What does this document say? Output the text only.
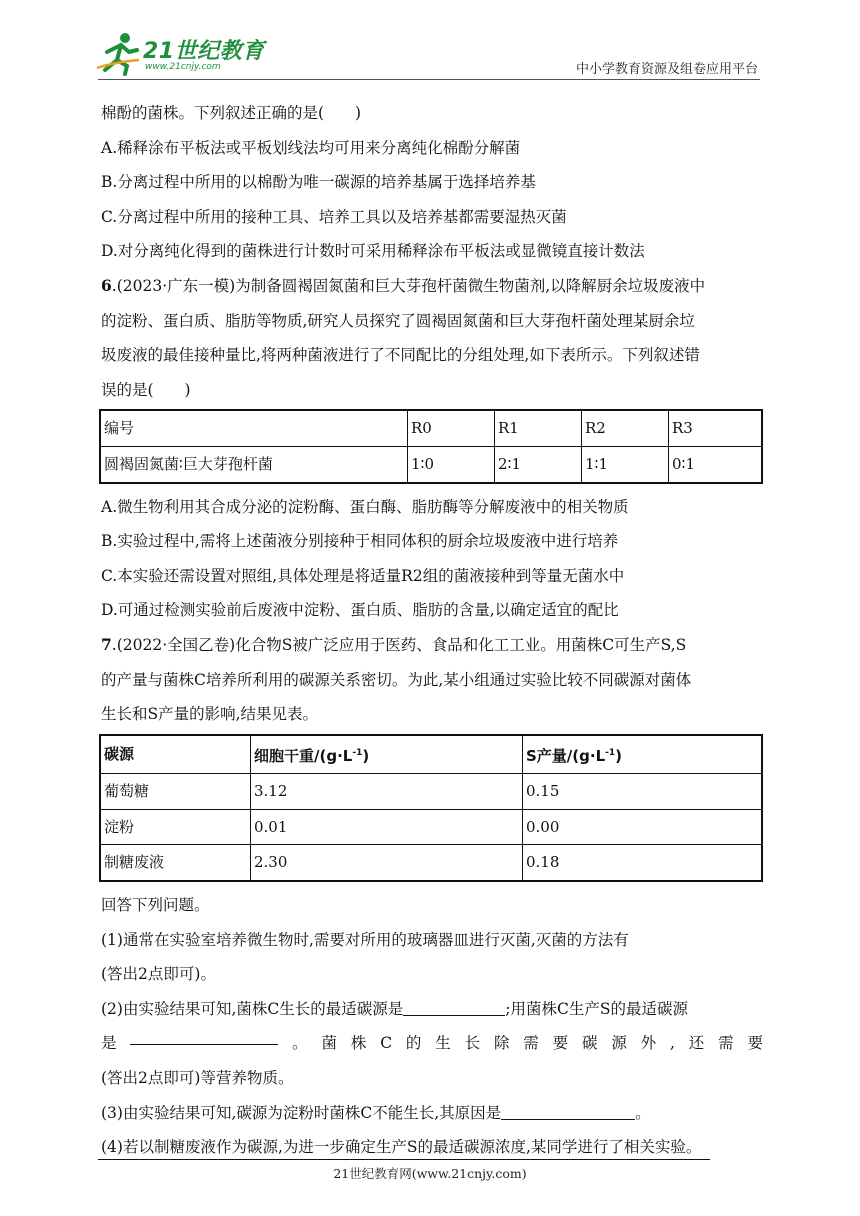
21世纪教育
www.21cnjy.com	中小学教育资源及组卷应用平台
棉酚的菌株。下列叙述正确的是(　　)
A.稀释涂布平板法或平板划线法均可用来分离纯化棉酚分解菌
B.分离过程中所用的以棉酚为唯一碳源的培养基属于选择培养基
C.分离过程中所用的接种工具、培养工具以及培养基都需要湿热灭菌
D.对分离纯化得到的菌株进行计数时可采用稀释涂布平板法或显微镜直接计数法
6.(2023·广东一模)为制备圆褐固氮菌和巨大芽孢杆菌微生物菌剂,以降解厨余垃圾废液中
的淀粉、蛋白质、脂肪等物质,研究人员探究了圆褐固氮菌和巨大芽孢杆菌处理某厨余垃
圾废液的最佳接种量比,将两种菌液进行了不同配比的分组处理,如下表所示。下列叙述错
误的是(　　)
编号	R0	R1	R2	R3
圆褐固氮菌∶巨大芽孢杆菌	1∶0	2∶1	1∶1	0∶1
A.微生物利用其合成分泌的淀粉酶、蛋白酶、脂肪酶等分解废液中的相关物质
B.实验过程中,需将上述菌液分别接种于相同体积的厨余垃圾废液中进行培养
C.本实验还需设置对照组,具体处理是将适量R2组的菌液接种到等量无菌水中
D.可通过检测实验前后废液中淀粉、蛋白质、脂肪的含量,以确定适宜的配比
7.(2022·全国乙卷)化合物S被广泛应用于医药、食品和化工工业。用菌株C可生产S,S
的产量与菌株C培养所利用的碳源关系密切。为此,某小组通过实验比较不同碳源对菌体
生长和S产量的影响,结果见表。
碳源	细胞干重$/(g\cdot L^{-1})$	S产量$/(g\cdot L^{-1})$
葡萄糖	3.12	0.15
淀粉	0.01	0.00
制糖废液	2.30	0.18
回答下列问题。
(1)通常在实验室培养微生物时,需要对所用的玻璃器皿进行灭菌,灭菌的方法有
(答出2点即可)。
(2)由实验结果可知,菌株C生长的最适碳源是	;用菌株C生产S的最适碳源
是	。 菌 株 C 的 生 长 除 需 要 碳 源 外 , 还 需 要
(答出2点即可)等营养物质。
(3)由实验结果可知,碳源为淀粉时菌株C不能生长,其原因是	。
(4)若以制糖废液作为碳源,为进一步确定生产S的最适碳源浓度,某同学进行了相关实验。
21世纪教育网(www.21cnjy.com)
